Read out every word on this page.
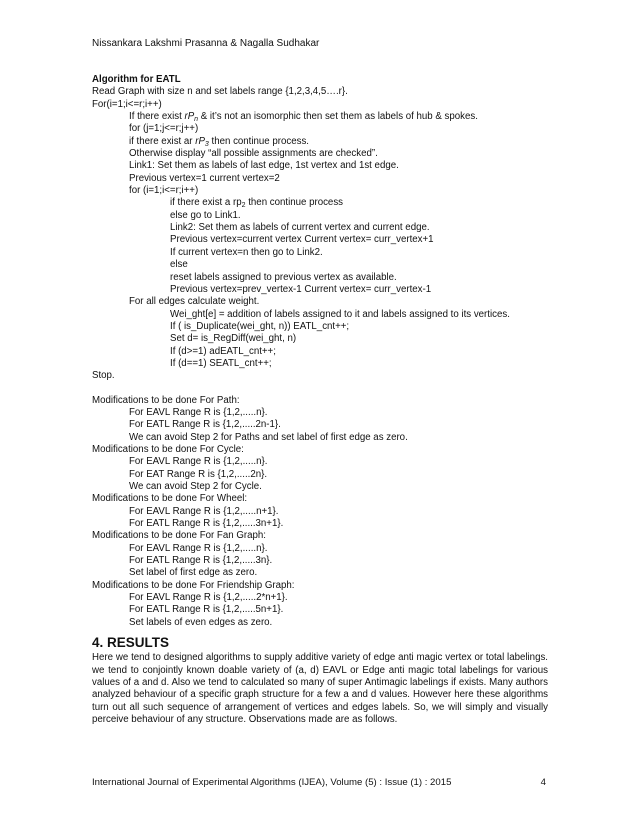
Nissankara Lakshmi Prasanna & Nagalla Sudhakar
Algorithm for EATL
Read Graph with size n and set labels range {1,2,3,4,5….r}.
For(i=1;i<=r;i++)
If there exist $rP_n$ & it’s not an isomorphic then set them as labels of hub & spokes.
for (j=1;j<=r;j++)
if there exist ar $rP_3$ then continue process.
Otherwise display “all possible assignments are checked”.
Link1: Set them as labels of last edge, 1st vertex and 1st edge.
Previous vertex=1 current vertex=2
for (i=1;i<=r;i++)
if there exist a $rp_2$ then continue process
else go to Link1.
Link2: Set them as labels of current vertex and current edge.
Previous vertex=current vertex Current vertex= curr_vertex+1
If current vertex=n then go to Link2.
else
reset labels assigned to previous vertex as available.
Previous vertex=prev_vertex-1 Current vertex= curr_vertex-1
For all edges calculate weight.
Wei_ght[e] = addition of labels assigned to it and labels assigned to its vertices.
If ( is_Duplicate(wei_ght, n)) EATL_cnt++;
Set d= is_RegDiff(wei_ght, n)
If (d>=1) adEATL_cnt++;
If (d==1) SEATL_cnt++;
Stop.
Modifications to be done For Path:
For EAVL Range R is {1,2,.....n}.
For EATL Range R is {1,2,.....2n-1}.
We can avoid Step 2 for Paths and set label of first edge as zero.
Modifications to be done For Cycle:
For EAVL Range R is {1,2,.....n}.
For EAT Range R is {1,2,.....2n}.
We can avoid Step 2 for Cycle.
Modifications to be done For Wheel:
For EAVL Range R is {1,2,.....n+1}.
For EATL Range R is {1,2,.....3n+1}.
Modifications to be done For Fan Graph:
For EAVL Range R is {1,2,.....n}.
For EATL Range R is {1,2,.....3n}.
Set label of first edge as zero.
Modifications to be done For Friendship Graph:
For EAVL Range R is {1,2,.....2*n+1}.
For EATL Range R is {1,2,.....5n+1}.
Set labels of even edges as zero.
4. RESULTS
Here we tend to designed algorithms to supply additive variety of edge anti magic vertex or total labelings. we tend to conjointly known doable variety of (a, d) EAVL or Edge anti magic total labelings for various values of a and d. Also we tend to calculated so many of super Antimagic labelings if exists. Many authors analyzed behaviour of a specific graph structure for a few a and d values. However here these algorithms turn out all such sequence of arrangement of vertices and edges labels. So, we will simply and visually perceive behaviour of any structure. Observations made are as follows.
International Journal of Experimental Algorithms (IJEA), Volume (5) : Issue (1) : 2015	4
